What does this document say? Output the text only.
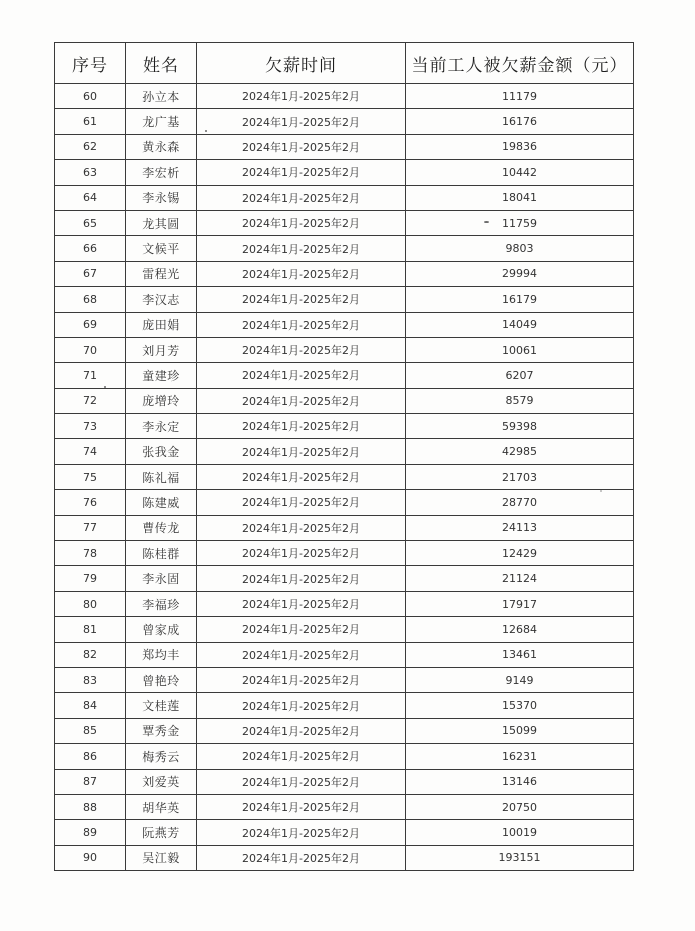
序号	姓名	欠薪时间	当前工人被欠薪金额（元）
60	孙立本	2024年1月-2025年2月	11179
61	龙广基	2024年1月-2025年2月	16176
62	黄永森	2024年1月-2025年2月	19836
63	李宏析	2024年1月-2025年2月	10442
64	李永锡	2024年1月-2025年2月	18041
65	龙其圆	2024年1月-2025年2月	11759
66	文候平	2024年1月-2025年2月	9803
67	雷程光	2024年1月-2025年2月	29994
68	李汉志	2024年1月-2025年2月	16179
69	庞田娟	2024年1月-2025年2月	14049
70	刘月芳	2024年1月-2025年2月	10061
71	童建珍	2024年1月-2025年2月	6207
72	庞增玲	2024年1月-2025年2月	8579
73	李永定	2024年1月-2025年2月	59398
74	张我金	2024年1月-2025年2月	42985
75	陈礼福	2024年1月-2025年2月	21703
76	陈建威	2024年1月-2025年2月	28770
77	曹传龙	2024年1月-2025年2月	24113
78	陈桂群	2024年1月-2025年2月	12429
79	李永固	2024年1月-2025年2月	21124
80	李福珍	2024年1月-2025年2月	17917
81	曾家成	2024年1月-2025年2月	12684
82	郑均丰	2024年1月-2025年2月	13461
83	曾艳玲	2024年1月-2025年2月	9149
84	文桂莲	2024年1月-2025年2月	15370
85	覃秀金	2024年1月-2025年2月	15099
86	梅秀云	2024年1月-2025年2月	16231
87	刘爱英	2024年1月-2025年2月	13146
88	胡华英	2024年1月-2025年2月	20750
89	阮燕芳	2024年1月-2025年2月	10019
90	吴江毅	2024年1月-2025年2月	193151
